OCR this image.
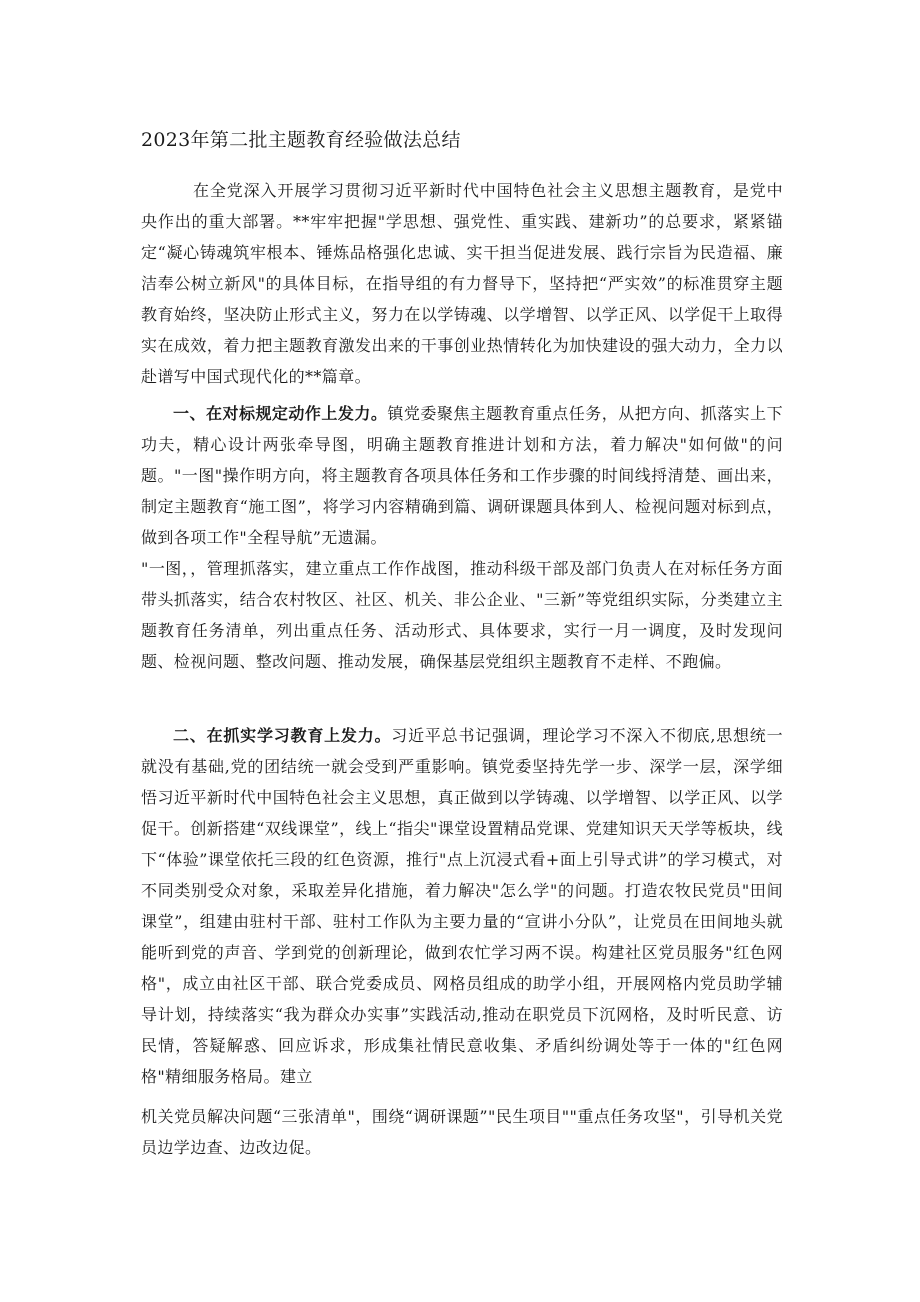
2023年第二批主题教育经验做法总结

在全党深入开展学习贯彻习近平新时代中国特色社会主义思想主题教育，是党中央作出的重大部署。**牢牢把握"学思想、强党性、重实践、建新功”的总要求，紧紧锚定“凝心铸魂筑牢根本、锤炼品格强化忠诚、实干担当促进发展、践行宗旨为民造福、廉洁奉公树立新风"的具体目标，在指导组的有力督导下，坚持把“严实效”的标准贯穿主题教育始终，坚决防止形式主义，努力在以学铸魂、以学增智、以学正风、以学促干上取得实在成效，着力把主题教育激发出来的干事创业热情转化为加快建设的强大动力，全力以赴谱写中国式现代化的**篇章。

一、在对标规定动作上发力。镇党委聚焦主题教育重点任务，从把方向、抓落实上下功夫，精心设计两张牵导图，明确主题教育推进计划和方法，着力解决"如何做"的问题。"一图"操作明方向，将主题教育各项具体任务和工作步骤的时间线捋清楚、画出来，制定主题教育“施工图”，将学习内容精确到篇、调研课题具体到人、检视问题对标到点，做到各项工作"全程导航”无遗漏。

"一图，，管理抓落实，建立重点工作作战图，推动科级干部及部门负责人在对标任务方面带头抓落实，结合农村牧区、社区、机关、非公企业、"三新”等党组织实际，分类建立主题教育任务清单，列出重点任务、活动形式、具体要求，实行一月一调度，及时发现问题、检视问题、整改问题、推动发展，确保基层党组织主题教育不走样、不跑偏。

二、在抓实学习教育上发力。习近平总书记强调，理论学习不深入不彻底,思想统一就没有基础,党的团结统一就会受到严重影响。镇党委坚持先学一步、深学一层，深学细悟习近平新时代中国特色社会主义思想，真正做到以学铸魂、以学增智、以学正风、以学促干。创新搭建“双线课堂”，线上“指尖"课堂设置精品党课、党建知识天天学等板块，线下“体验”课堂依托三段的红色资源，推行"点上沉浸式看+面上引导式讲”的学习模式，对不同类别受众对象，采取差异化措施，着力解决"怎么学"的问题。打造农牧民党员"田间课堂”，组建由驻村干部、驻村工作队为主要力量的“宣讲小分队”，让党员在田间地头就能听到党的声音、学到党的创新理论，做到农忙学习两不误。构建社区党员服务"红色网格"，成立由社区干部、联合党委成员、网格员组成的助学小组，开展网格内党员助学辅导计划，持续落实“我为群众办实事”实践活动,推动在职党员下沉网格，及时听民意、访民情，答疑解惑、回应诉求，形成集社情民意收集、矛盾纠纷调处等于一体的"红色网格"精细服务格局。建立

机关党员解决问题“三张清单"，围绕“调研课题”"民生项目""重点任务攻坚"，引导机关党员边学边查、边改边促。
